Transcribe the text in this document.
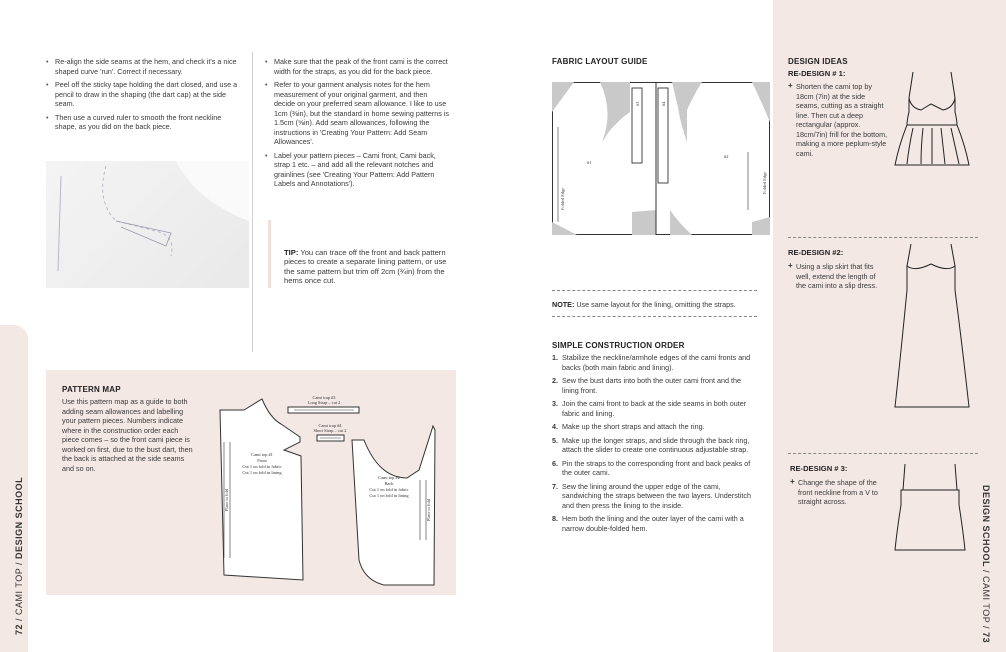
72 / CAMI TOP / DESIGN SCHOOL
• Re-align the side seams at the hem, and check it's a nice shaped curve 'run'. Correct if necessary.
• Peel off the sticky tape holding the dart closed, and use a pencil to draw in the shaping (the dart cap) at the side seam.
• Then use a curved ruler to smooth the front neckline shape, as you did on the back piece.
• Make sure that the peak of the front cami is the correct width for the straps, as you did for the back piece.
• Refer to your garment analysis notes for the hem measurement of your original garment, and then decide on your preferred seam allowance. I like to use 1cm (⅜in), but the standard in home sewing patterns is 1.5cm (⅝in). Add seam allowances, following the instructions in 'Creating Your Pattern: Add Seam Allowances'.
• Label your pattern pieces – Cami front, Cami back, strap 1 etc. – and add all the relevant notches and grainlines (see 'Creating Your Pattern: Add Pattern Labels and Annotations').
TIP: You can trace off the front and back pattern pieces to create a separate lining pattern, or use the same pattern but trim off 2cm (¾in) from the hems once cut.
PATTERN MAP
Use this pattern map as a guide to both adding seam allowances and labelling your pattern pieces. Numbers indicate where in the construction order each piece comes – so the front cami piece is worked on first, due to the bust dart, then the back is attached at the side seams and so on.
Cami trap #3
Long Strap – cut 2
Cami trap #4
Short Strap – cut 2
Cami top #1
Front
Cut 1 on fold in fabric
Cut 1 on fold in lining
Cami top #2
Back
Cut 1 on fold in fabric
Cut 1 on fold in lining
Place to fold	Place to fold
FABRIC LAYOUT GUIDE
#1
#2
#3	#4
Folded Edge
Folded Edge
NOTE: Use same layout for the lining, omitting the straps.
SIMPLE CONSTRUCTION ORDER
1. Stabilize the neckline/armhole edges of the cami fronts and backs (both main fabric and lining).
2. Sew the bust darts into both the outer cami front and the lining front.
3. Join the cami front to back at the side seams in both outer fabric and lining.
4. Make up the short straps and attach the ring.
5. Make up the longer straps, and slide through the back ring, attach the slider to create one continuous adjustable strap.
6. Pin the straps to the corresponding front and back peaks of the outer cami.
7. Sew the lining around the upper edge of the cami, sandwiching the straps between the two layers. Understitch and then press the lining to the inside.
8. Hem both the lining and the outer layer of the cami with a narrow double-folded hem.
DESIGN IDEAS
RE-DESIGN # 1:
+ Shorten the cami top by 18cm (7in) at the side seams, cutting as a straight line. Then cut a deep rectangular (approx. 18cm/7in) frill for the bottom, making a more peplum-style cami.
RE-DESIGN #2:
+ Using a slip skirt that fits well, extend the length of the cami into a slip dress.
RE-DESIGN # 3:
+ Change the shape of the front neckline from a V to straight across.	DESIGN SCHOOL / CAMI TOP / 73
